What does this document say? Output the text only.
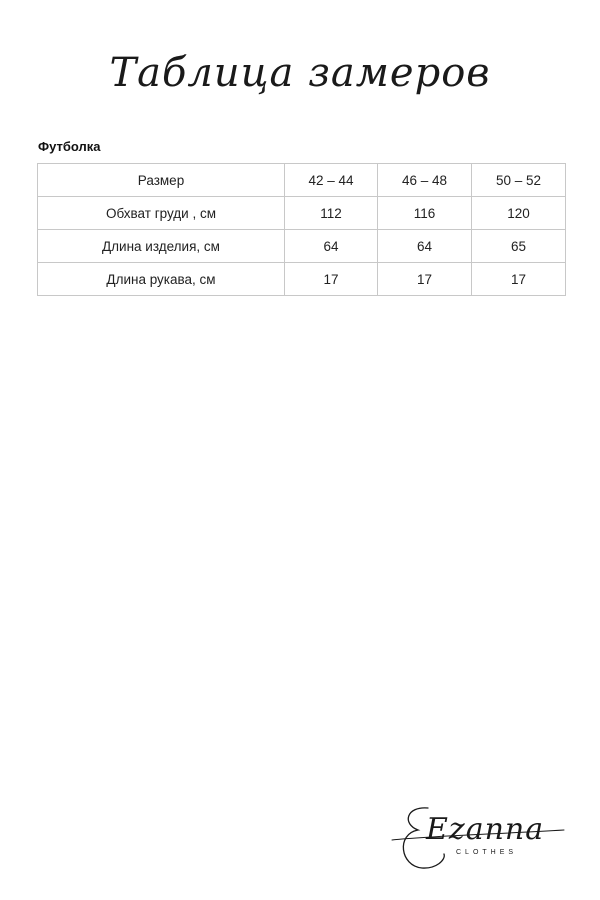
Таблица замеров
Футболка
Размер	42 – 44	46 – 48	50 – 52
Обхват груди , см	112	116	120
Длина изделия, см	64	64	65
Длина рукава, см	17	17	17
Ezanna
CLOTHES
